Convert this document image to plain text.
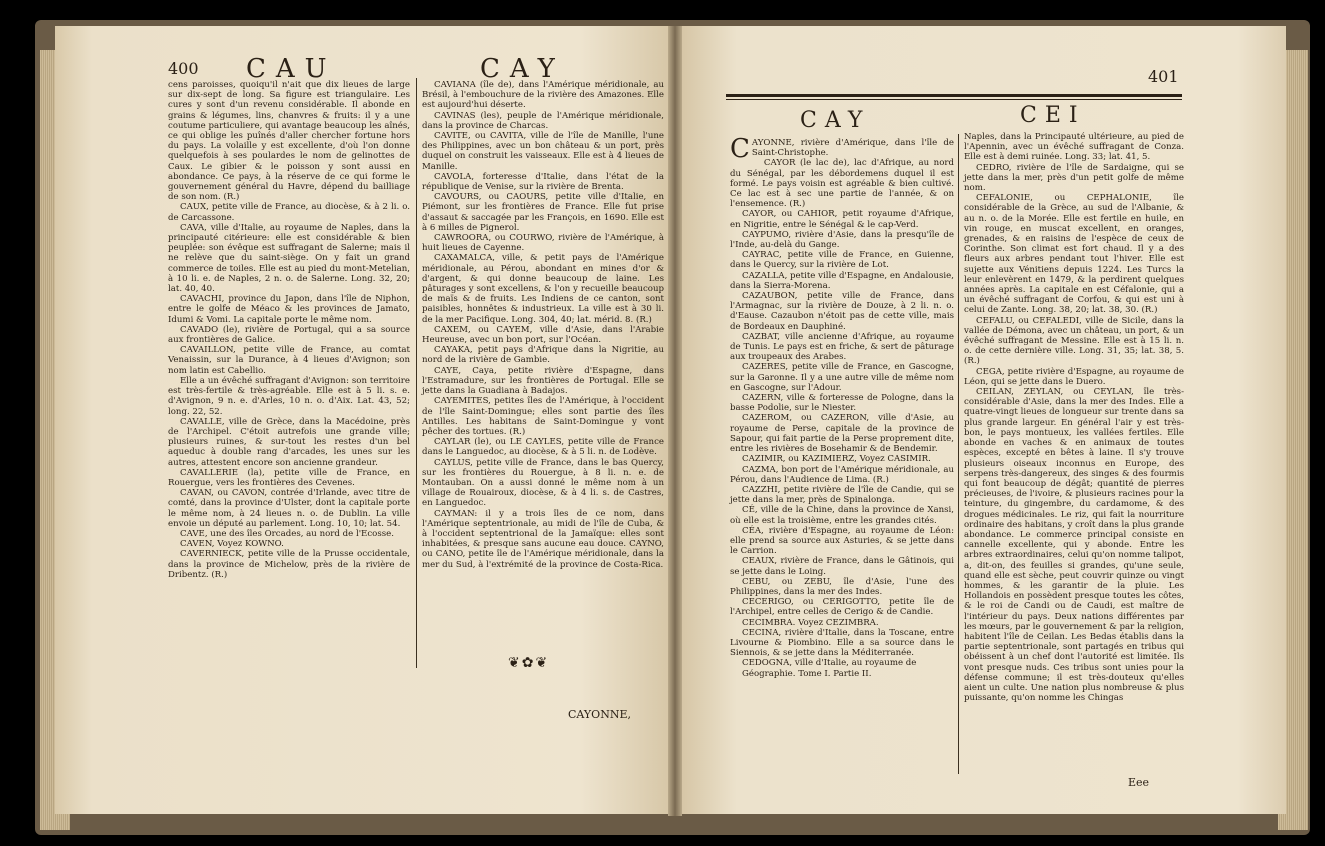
400 CAU	CAY

cens paroisses, quoiqu'il n'ait que dix lieues de large sur dix-sept de long. Sa figure est triangulaire. Les cures y sont d'un revenu considérable. Il abonde en grains & légumes, lins, chanvres & fruits: il y a une coutume particuliere, qui avantage beaucoup les aînés, ce qui oblige les puînés d'aller chercher fortune hors du pays. La volaille y est excellente, d'où l'on donne quelquefois à ses poulardes le nom de gelinottes de Caux. Le gibier & le poisson y sont aussi en abondance. Ce pays, à la réserve de ce qui forme le gouvernement général du Havre, dépend du bailliage de son nom. (R.)

CAUX, petite ville de France, au diocèse, & à 2 li. o. de Carcassone.

CAVA, ville d'Italie, au royaume de Naples, dans la principauté citérieure: elle est considérable & bien peuplée: son évêque est suffragant de Salerne; mais il ne relève que du saint-siège. On y fait un grand commerce de toiles. Elle est au pied du mont-Metelian, à 10 li. e. de Naples, 2 n. o. de Salerne. Long. 32, 20; lat. 40, 40.

CAVACHI, province du Japon, dans l'île de Niphon, entre le golfe de Méaco & les provinces de Jamato, Idumi & Vomi. La capitale porte le même nom.

CAVADO (le), rivière de Portugal, qui a sa source aux frontières de Galice.

CAVAILLON, petite ville de France, au comtat Venaissin, sur la Durance, à 4 lieues d'Avignon; son nom latin est Cabellio.

Elle a un évêché suffragant d'Avignon: son territoire est très-fertile & très-agréable. Elle est à 5 li. s. e. d'Avignon, 9 n. e. d'Arles, 10 n. o. d'Aix. Lat. 43, 52; long. 22, 52.

CAVALLE, ville de Grèce, dans la Macédoine, près de l'Archipel. C'étoit autrefois une grande ville; plusieurs ruines, & sur-tout les restes d'un bel aqueduc à double rang d'arcades, les unes sur les autres, attestent encore son ancienne grandeur.

CAVALLERIE (la), petite ville de France, en Rouergue, vers les frontières des Cevenes.

CAVAN, ou CAVON, contrée d'Irlande, avec titre de comté, dans la province d'Ulster, dont la capitale porte le même nom, à 24 lieues n. o. de Dublin. La ville envoie un député au parlement. Long. 10, 10; lat. 54.

CAVE, une des îles Orcades, au nord de l'Ecosse.

CAVEN, Voyez KOWNO.

CAVERNIECK, petite ville de la Prusse occidentale, dans la province de Michelow, près de la rivière de Dribentz. (R.)

CAVIANA (île de), dans l'Amérique méridionale, au Brésil, à l'embouchure de la rivière des Amazones. Elle est aujourd'hui déserte.

CAVINAS (les), peuple de l'Amérique méridionale, dans la province de Charcas.

CAVITE, ou CAVITA, ville de l'île de Manille, l'une des Philippines, avec un bon château & un port, près duquel on construit les vaisseaux. Elle est à 4 lieues de Manille.

CAVOLA, forteresse d'Italie, dans l'état de la république de Venise, sur la rivière de Brenta.

CAVOURS, ou CAOURS, petite ville d'Italie, en Piémont, sur les frontières de France. Elle fut prise d'assaut & saccagée par les François, en 1690. Elle est à 6 milles de Pignerol.

CAWROORA, ou COURWO, rivière de l'Amérique, à huit lieues de Cayenne.

CAXAMALCA, ville, & petit pays de l'Amérique méridionale, au Pérou, abondant en mines d'or & d'argent, & qui donne beaucoup de laine. Les pâturages y sont excellens, & l'on y recueille beaucoup de maïs & de fruits. Les Indiens de ce canton, sont paisibles, honnêtes & industrieux. La ville est à 30 li. de la mer Pacifique. Long. 304, 40; lat. mérid. 8. (R.)

CAXEM, ou CAYEM, ville d'Asie, dans l'Arabie Heureuse, avec un bon port, sur l'Océan.

CAYAKA, petit pays d'Afrique dans la Nigritie, au nord de la rivière de Gambie.

CAYE, Caya, petite rivière d'Espagne, dans l'Estramadure, sur les frontières de Portugal. Elle se jette dans la Guadiana à Badajos.

CAYEMITES, petites îles de l'Amérique, à l'occident de l'île Saint-Domingue; elles sont partie des îles Antilles. Les habitans de Saint-Domingue y vont pêcher des tortues. (R.)

CAYLAR (le), ou LE CAYLES, petite ville de France dans le Languedoc, au diocèse, & à 5 li. n. de Lodève.

CAYLUS, petite ville de France, dans le bas Quercy, sur les frontières du Rouergue, à 8 li. n. e. de Montauban. On a aussi donné le même nom à un village de Rouairoux, diocèse, & à 4 li. s. de Castres, en Languedoc.

CAYMAN: il y a trois îles de ce nom, dans l'Amérique septentrionale, au midi de l'île de Cuba, & à l'occident septentrional de la Jamaïque: elles sont inhabitées, & presque sans aucune eau douce. CAYNO, ou CANO, petite île de l'Amérique méridionale, dans la mer du Sud, à l'extrémité de la province de Costa-Rica.

❦✿❦
CAYONNE,
401
CAY	CEI

CAYONNE, rivière d'Amérique, dans l'île de Saint-Christophe.

CAYOR (le lac de), lac d'Afrique, au nord du Sénégal, par les débordemens duquel il est formé. Le pays voisin est agréable & bien cultivé. Ce lac est à sec une partie de l'année, & on l'ensemence. (R.)

CAYOR, ou CAHIOR, petit royaume d'Afrique, en Nigritie, entre le Sénégal & le cap-Verd.

CAYPUMO, rivière d'Asie, dans la presqu'île de l'Inde, au-delà du Gange.

CAYRAC, petite ville de France, en Guienne, dans le Quercy, sur la rivière de Lot.

CAZALLA, petite ville d'Espagne, en Andalousie, dans la Sierra-Morena.

CAZAUBON, petite ville de France, dans l'Armagnac, sur la rivière de Douze, à 2 li. n. o. d'Eause. Cazaubon n'étoit pas de cette ville, mais de Bordeaux en Dauphiné.

CAZBAT, ville ancienne d'Afrique, au royaume de Tunis. Le pays est en friche, & sert de pâturage aux troupeaux des Arabes.

CAZERES, petite ville de France, en Gascogne, sur la Garonne. Il y a une autre ville de même nom en Gascogne, sur l'Adour.

CAZERN, ville & forteresse de Pologne, dans la basse Podolie, sur le Niester.

CAZEROM, ou CAZERON, ville d'Asie, au royaume de Perse, capitale de la province de Sapour, qui fait partie de la Perse proprement dite, entre les rivières de Bosehamir & de Bendemir.

CAZIMIR, ou KAZIMIERZ, Voyez CASIMIR.

CAZMA, bon port de l'Amérique méridionale, au Pérou, dans l'Audience de Lima. (R.)

CAZZHI, petite rivière de l'île de Candie, qui se jette dans la mer, près de Spinalonga.

CÉ, ville de la Chine, dans la province de Xansi, où elle est la troisième, entre les grandes cités.

CÉA, rivière d'Espagne, au royaume de Léon: elle prend sa source aux Asturies, & se jette dans le Carrion.

CEAUX, rivière de France, dans le Gâtinois, qui se jette dans le Loing.

CEBU, ou ZEBU, île d'Asie, l'une des Philippines, dans la mer des Indes.

CECERIGO, ou CERIGOTTO, petite île de l'Archipel, entre celles de Cerigo & de Candie.

CECIMBRA. Voyez CEZIMBRA.

CECINA, rivière d'Italie, dans la Toscane, entre Livourne & Piombino. Elle a sa source dans le Siennois, & se jette dans la Méditerranée.

CEDOGNA, ville d'Italie, au royaume de

Géographie. Tome I. Partie II.

Naples, dans la Principauté ultérieure, au pied de l'Apennin, avec un évêché suffragant de Conza. Elle est à demi ruinée. Long. 33; lat. 41, 5.

CEDRO, rivière de l'île de Sardaigne, qui se jette dans la mer, près d'un petit golfe de même nom.

CEFALONIE, ou CEPHALONIE, île considérable de la Grèce, au sud de l'Albanie, & au n. o. de la Morée. Elle est fertile en huile, en vin rouge, en muscat excellent, en oranges, grenades, & en raisins de l'espèce de ceux de Corinthe. Son climat est fort chaud. Il y a des fleurs aux arbres pendant tout l'hiver. Elle est sujette aux Vénitiens depuis 1224. Les Turcs la leur enlevèrent en 1479, & la perdirent quelques années après. La capitale en est Céfalonie, qui a un évêché suffragant de Corfou, & qui est uni à celui de Zante. Long. 38, 20; lat. 38, 30. (R.)

CEFALU, ou CEFALEDI, ville de Sicile, dans la vallée de Démona, avec un château, un port, & un évêché suffragant de Messine. Elle est à 15 li. n. o. de cette dernière ville. Long. 31, 35; lat. 38, 5. (R.)

CEGA, petite rivière d'Espagne, au royaume de Léon, qui se jette dans le Duero.

CEILAN, ZEYLAN, ou CEYLAN, île très-considérable d'Asie, dans la mer des Indes. Elle a quatre-vingt lieues de longueur sur trente dans sa plus grande largeur. En général l'air y est très-bon, le pays montueux, les vallées fertiles. Elle abonde en vaches & en animaux de toutes espèces, excepté en bêtes à laine. Il s'y trouve plusieurs oiseaux inconnus en Europe, des serpens très-dangereux, des singes & des fourmis qui font beaucoup de dégât; quantité de pierres précieuses, de l'ivoire, & plusieurs racines pour la teinture, du gingembre, du cardamome, & des drogues médicinales. Le riz, qui fait la nourriture ordinaire des habitans, y croît dans la plus grande abondance. Le commerce principal consiste en cannelle excellente, qui y abonde. Entre les arbres extraordinaires, celui qu'on nomme talipot, a, dit-on, des feuilles si grandes, qu'une seule, quand elle est sèche, peut couvrir quinze ou vingt hommes, & les garantir de la pluie. Les Hollandois en possèdent presque toutes les côtes, & le roi de Candi ou de Caudi, est maître de l'intérieur du pays. Deux nations différentes par les mœurs, par le gouvernement & par la religion, habitent l'île de Ceilan. Les Bedas établis dans la partie septentrionale, sont partagés en tribus qui obéissent à un chef dont l'autorité est limitée. Ils vont presque nuds. Ces tribus sont unies pour la défense commune; il est très-douteux qu'elles aient un culte. Une nation plus nombreuse & plus puissante, qu'on nomme les Chingas

Eee
